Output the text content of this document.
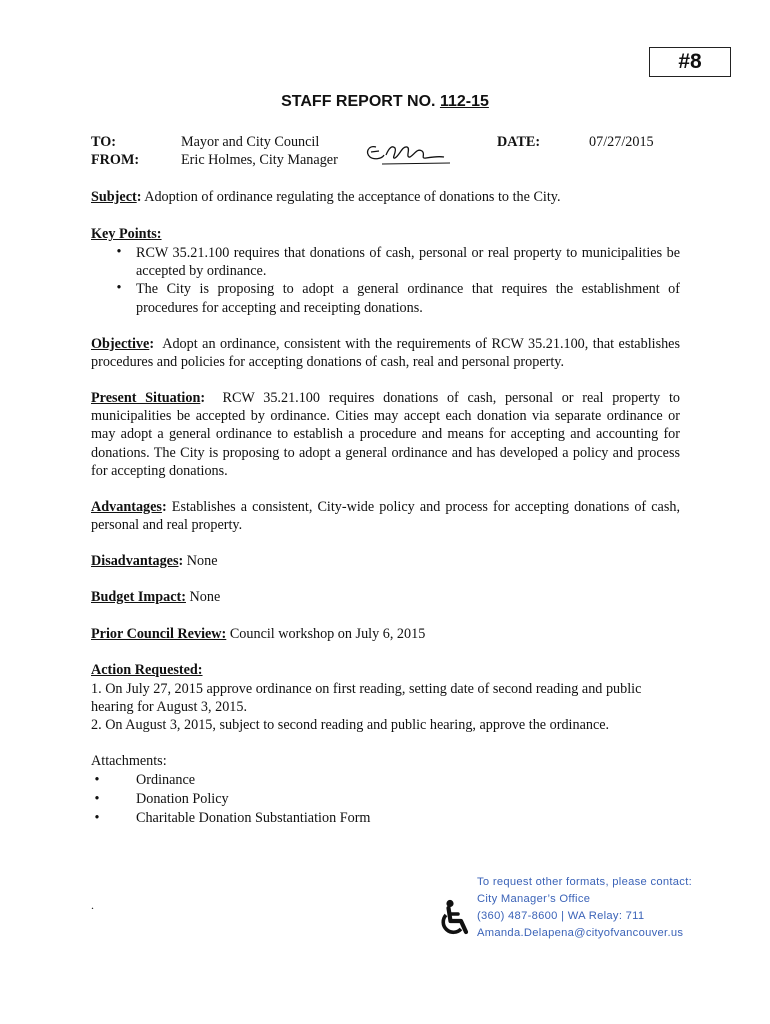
#8
STAFF REPORT NO. 112-15
TO:	Mayor and City Council
FROM:	Eric Holmes, City Manager
DATE:	07/27/2015
Subject: Adoption of ordinance regulating the acceptance of donations to the City.
Key Points:
•	RCW 35.21.100 requires that donations of cash, personal or real property to municipalities be accepted by ordinance.
•	The City is proposing to adopt a general ordinance that requires the establishment of procedures for accepting and receipting donations.
Objective: Adopt an ordinance, consistent with the requirements of RCW 35.21.100, that establishes procedures and policies for accepting donations of cash, real and personal property.
Present Situation: RCW 35.21.100 requires donations of cash, personal or real property to municipalities be accepted by ordinance. Cities may accept each donation via separate ordinance or may adopt a general ordinance to establish a procedure and means for accepting and accounting for donations. The City is proposing to adopt a general ordinance and has developed a policy and process for accepting donations.
Advantages: Establishes a consistent, City-wide policy and process for accepting donations of cash, personal and real property.
Disadvantages: None
Budget Impact: None
Prior Council Review: Council workshop on July 6, 2015
Action Requested:
1. On July 27, 2015 approve ordinance on first reading, setting date of second reading and public hearing for August 3, 2015.
2. On August 3, 2015, subject to second reading and public hearing, approve the ordinance.
Attachments:
•	Ordinance
•	Donation Policy
•	Charitable Donation Substantiation Form
.
To request other formats, please contact:
City Manager’s Office
(360) 487-8600 | WA Relay: 711
Amanda.Delapena@cityofvancouver.us
